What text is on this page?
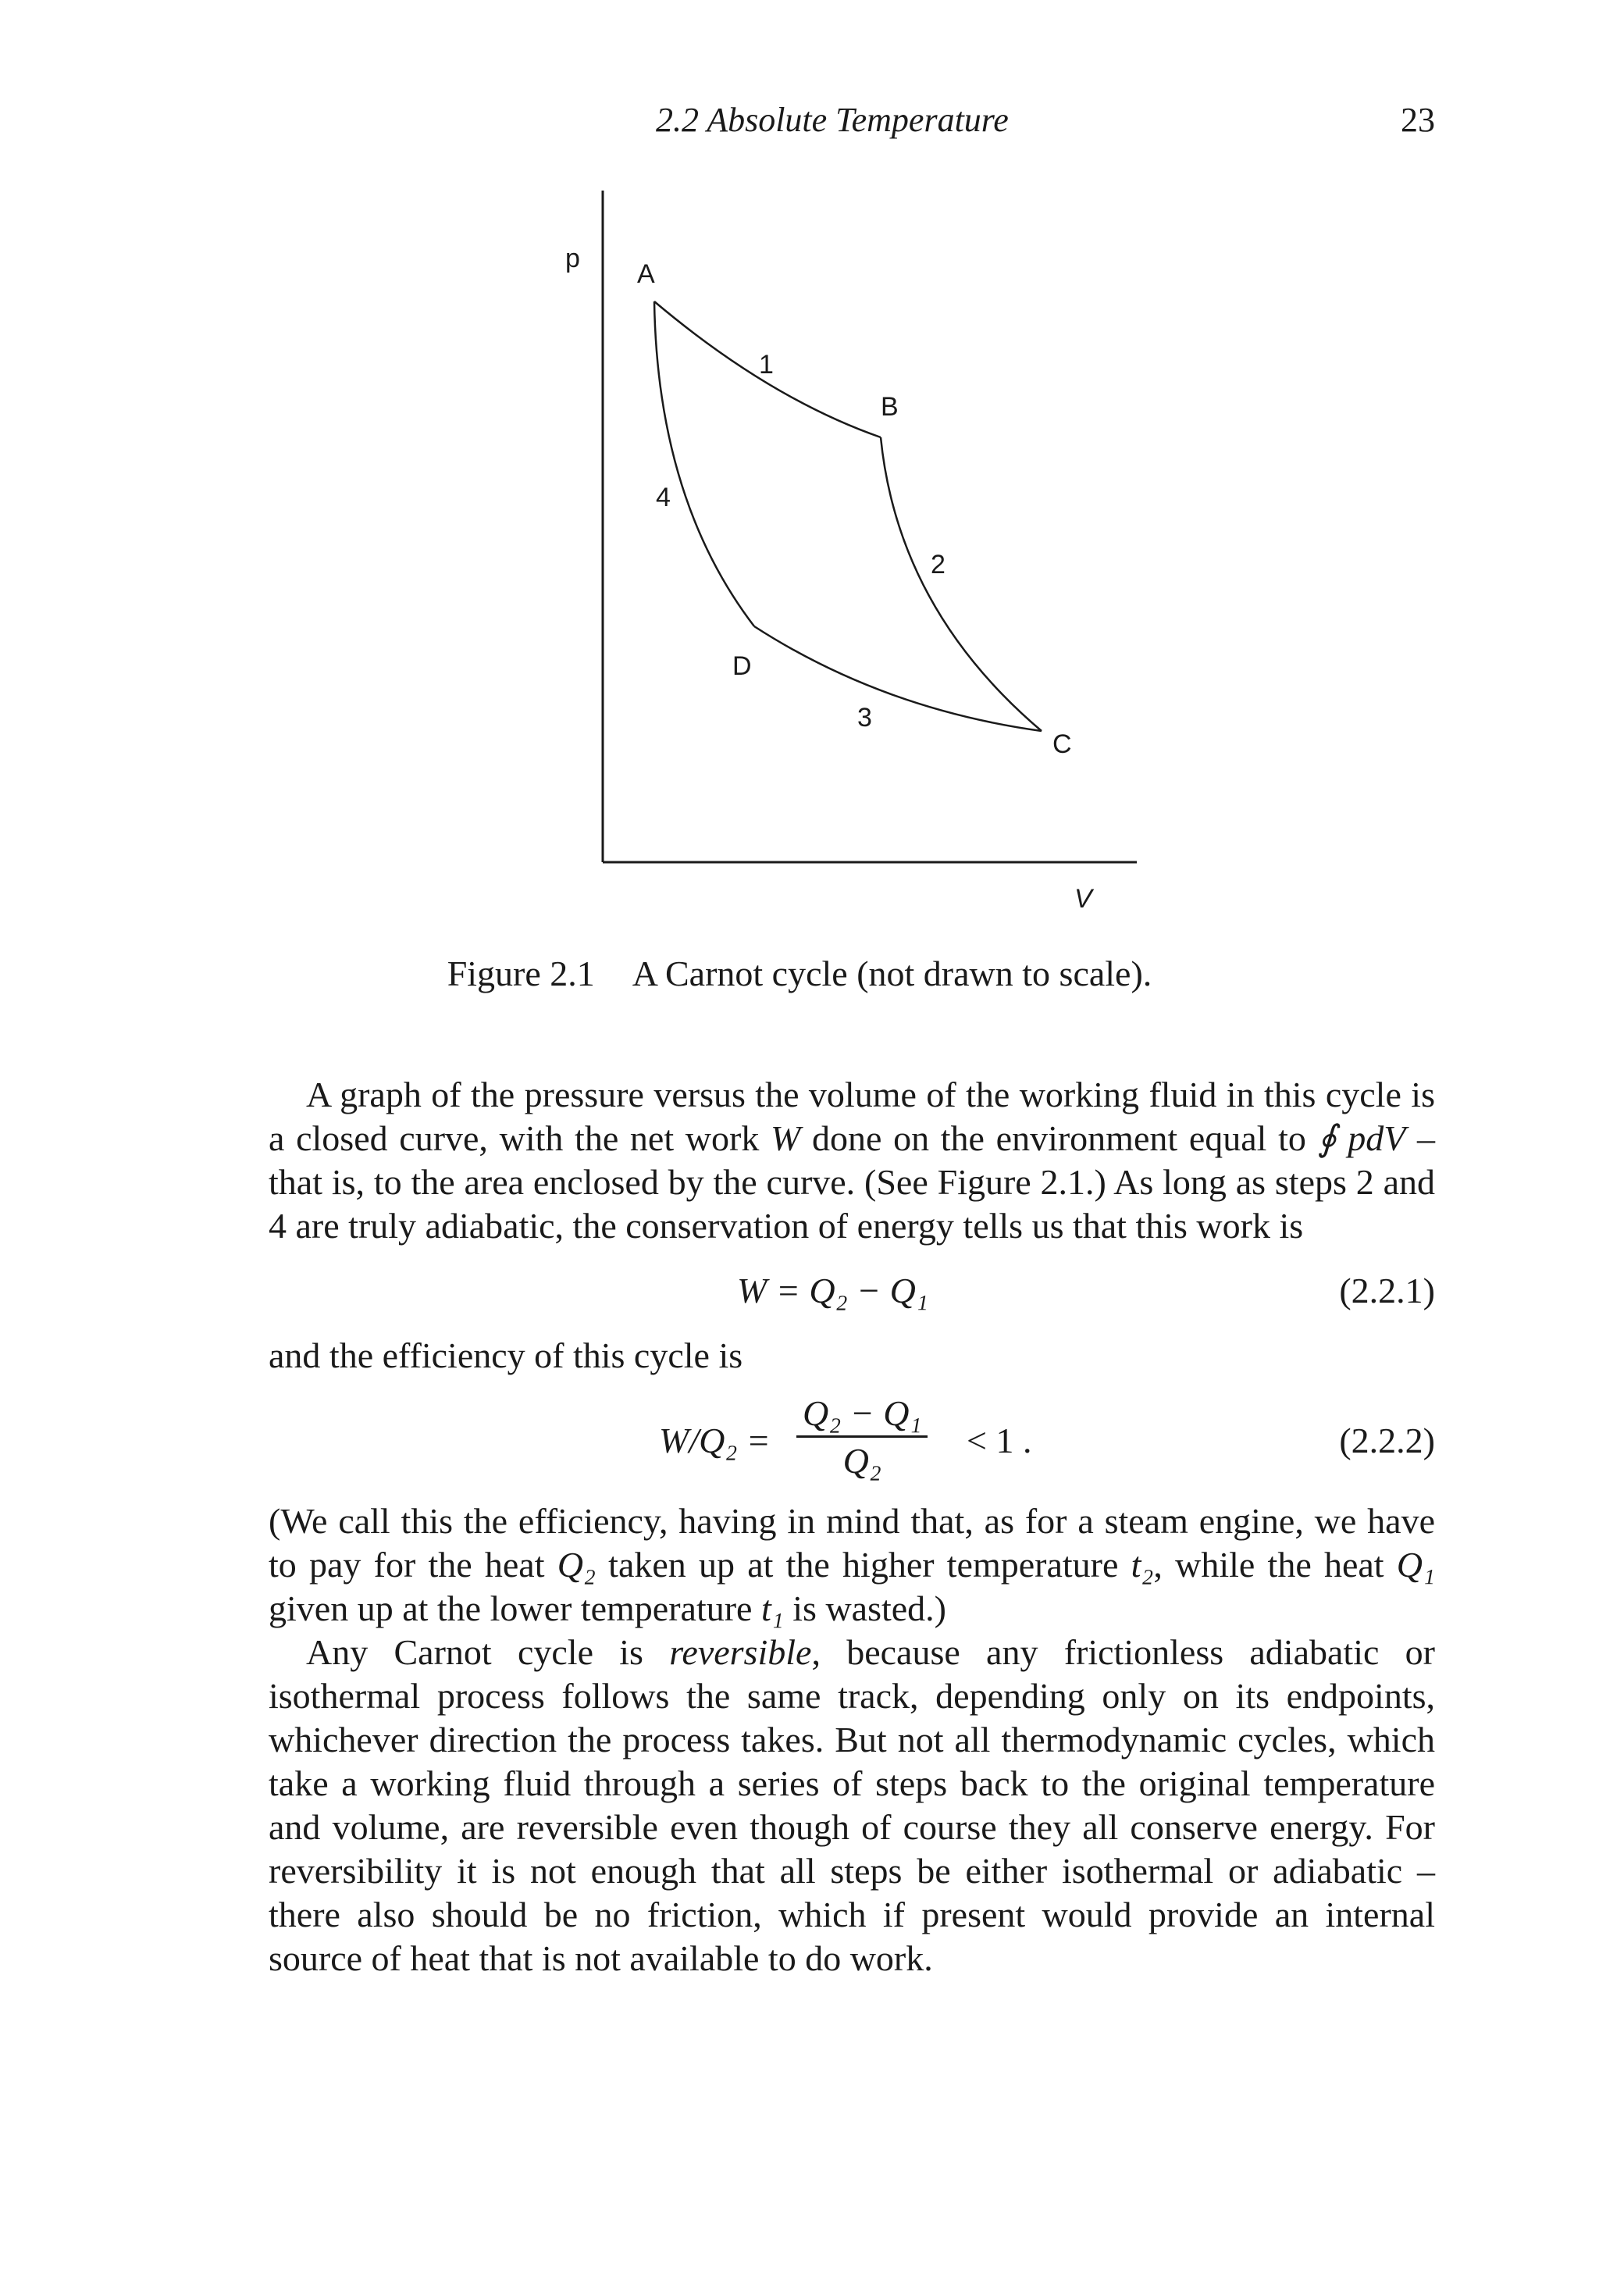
2.2 Absolute Temperature	23
p
V
A
B
C
D
1
2
3
4
Figure 2.1 A Carnot cycle (not drawn to scale).

A graph of the pressure versus the volume of the working fluid in this cycle is a closed curve, with the net work W done on the environment equal to ∮ pdV – that is, to the area enclosed by the curve. (See Figure 2.1.) As long as steps 2 and 4 are truly adiabatic, the conservation of energy tells us that this work is

W = Q₂ − Q₁	(2.2.1)

and the efficiency of this cycle is

$W/Q_2 = \frac{\text{Q₂ − Q₁}}{\text{Q₂}} < 1$ .	(2.2.2)

(We call this the efficiency, having in mind that, as for a steam engine, we have to pay for the heat Q₂ taken up at the higher temperature t₂, while the heat Q₁ given up at the lower temperature t₁ is wasted.)

Any Carnot cycle is reversible, because any frictionless adiabatic or isothermal process follows the same track, depending only on its endpoints, whichever direction the process takes. But not all thermodynamic cycles, which take a working fluid through a series of steps back to the original temperature and volume, are reversible even though of course they all conserve energy. For reversibility it is not enough that all steps be either isothermal or adiabatic – there also should be no friction, which if present would provide an internal source of heat that is not available to do work.
